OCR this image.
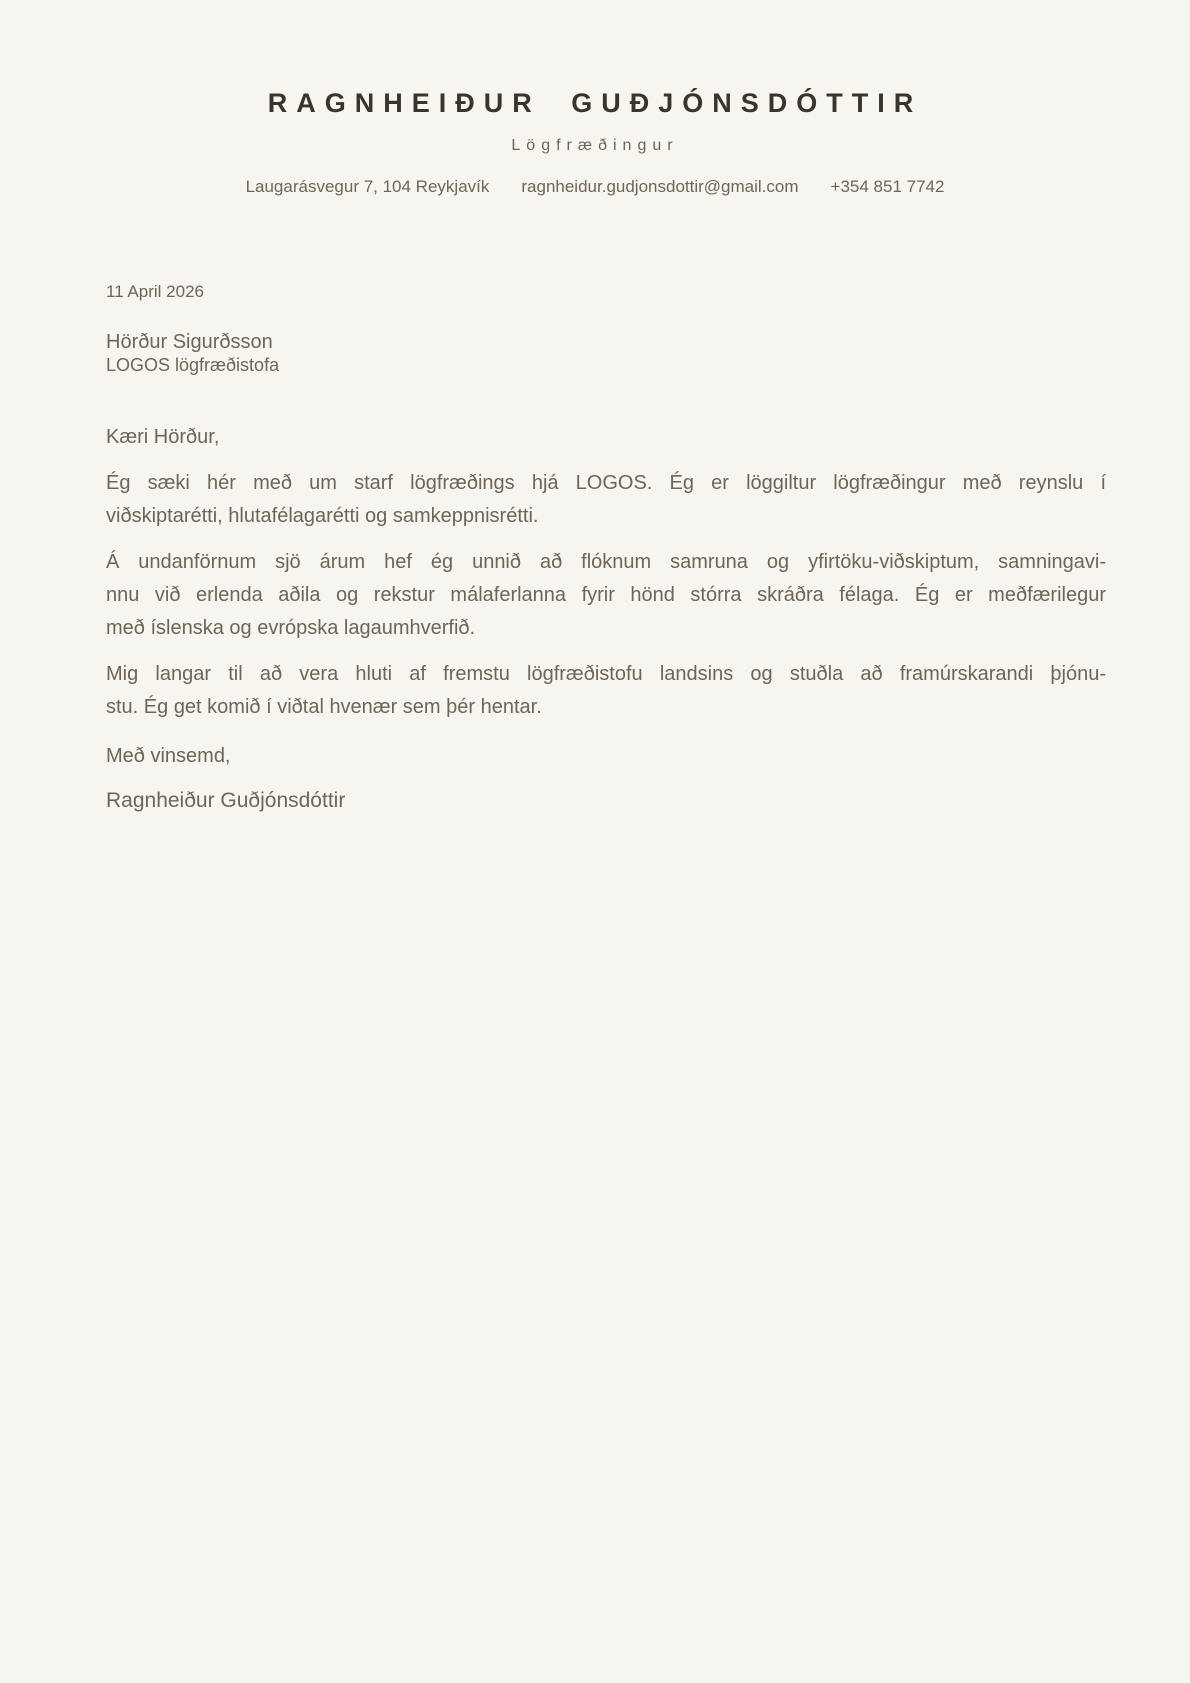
RAGNHEIÐUR GUÐJÓNSDÓTTIR
Lögfræðingur
Laugarásvegur 7, 104 Reykjavík ragnheidur.gudjonsdottir@gmail.com +354 851 7742
11 April 2026
Hörður Sigurðsson
LOGOS lögfræðistofa
Kæri Hörður,
Ég sæki hér með um starf lögfræðings hjá LOGOS. Ég er löggiltur lögfræðingur með reynslu í
viðskiptarétti, hlutafélagarétti og samkeppnisrétti.
Á undanförnum sjö árum hef ég unnið að flóknum samruna og yfirtöku-viðskiptum, samningavi-
nnu við erlenda aðila og rekstur málaferlanna fyrir hönd stórra skráðra félaga. Ég er meðfærilegur
með íslenska og evrópska lagaumhverfið.
Mig langar til að vera hluti af fremstu lögfræðistofu landsins og stuðla að framúrskarandi þjónu-
stu. Ég get komið í viðtal hvenær sem þér hentar.
Með vinsemd,
Ragnheiður Guðjónsdóttir
